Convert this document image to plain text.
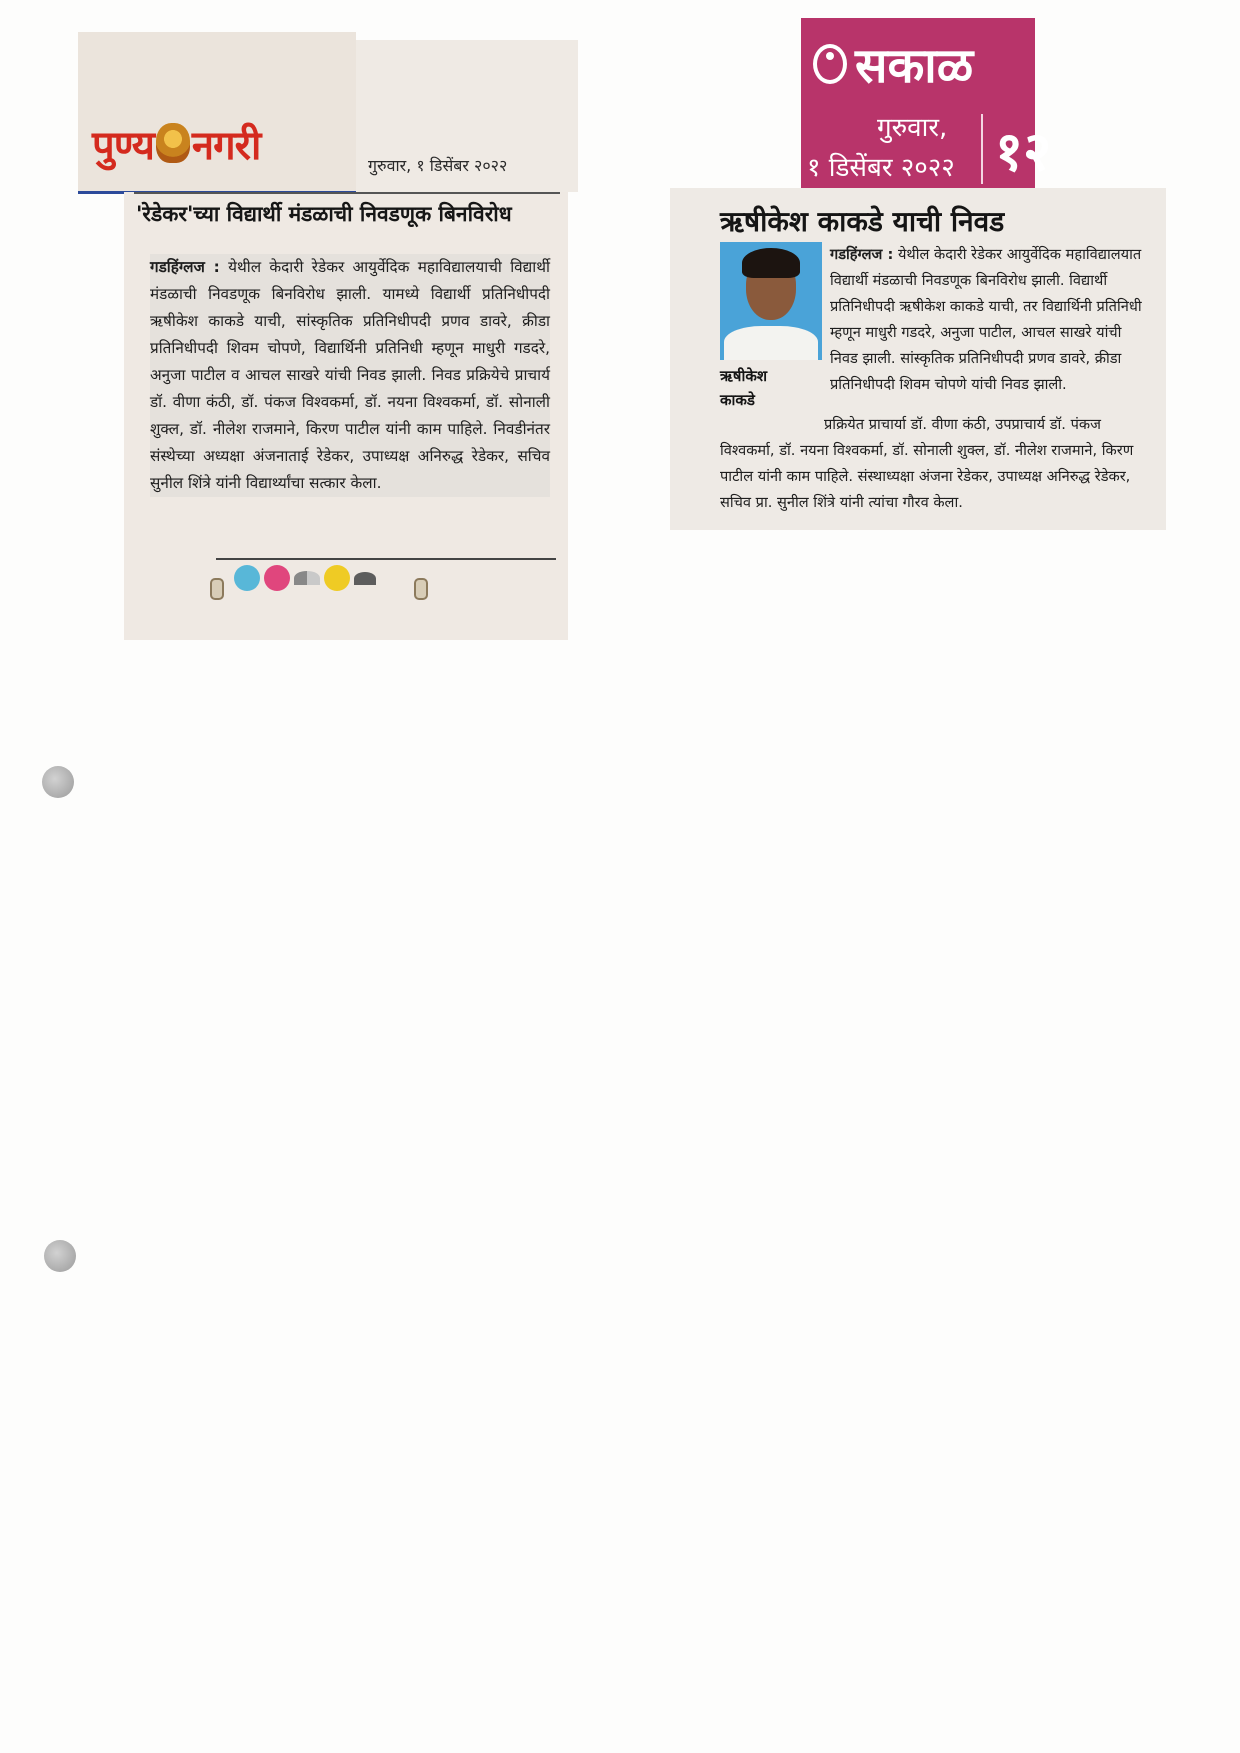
पुण्य नगरी	गुरुवार, १ डिसेंबर २०२२
'रेडेकर'च्या विद्यार्थी मंडळाची निवडणूक बिनविरोध
गडहिंग्लज : येथील केदारी रेडेकर आयुर्वेदिक महाविद्यालयाची विद्यार्थी मंडळाची निवडणूक बिनविरोध झाली. यामध्ये विद्यार्थी प्रतिनिधीपदी ऋषीकेश काकडे याची, सांस्कृतिक प्रतिनिधीपदी प्रणव डावरे, क्रीडा प्रतिनिधीपदी शिवम चोपणे, विद्यार्थिनी प्रतिनिधी म्हणून माधुरी गडदरे, अनुजा पाटील व आचल साखरे यांची निवड झाली. निवड प्रक्रियेचे प्राचार्य डॉ. वीणा कंठी, डॉ. पंकज विश्वकर्मा, डॉ. नयना विश्वकर्मा, डॉ. सोनाली शुक्ल, डॉ. नीलेश राजमाने, किरण पाटील यांनी काम पाहिले. निवडीनंतर संस्थेच्या अध्यक्षा अंजनाताई रेडेकर, उपाध्यक्ष अनिरुद्ध रेडेकर, सचिव सुनील शिंत्रे यांनी विद्यार्थ्यांचा सत्कार केला.
सकाळ
गुरुवार,
१ डिसेंबर २०२२ १२
ऋषीकेश काकडे याची निवड
ऋषीकेश
काकडे
गडहिंग्लज : येथील केदारी रेडेकर आयुर्वेदिक महाविद्यालयात विद्यार्थी मंडळाची निवडणूक बिनविरोध झाली. विद्यार्थी प्रतिनिधीपदी ऋषीकेश काकडे याची, तर विद्यार्थिनी प्रतिनिधी म्हणून माधुरी गडदरे, अनुजा पाटील, आचल साखरे यांची निवड झाली. सांस्कृतिक प्रतिनिधीपदी प्रणव डावरे, क्रीडा प्रतिनिधीपदी शिवम चोपणे यांची निवड झाली.
प्रक्रियेत प्राचार्या डॉ. वीणा कंठी, उपप्राचार्य डॉ. पंकज विश्वकर्मा, डॉ. नयना विश्वकर्मा, डॉ. सोनाली शुक्ल, डॉ. नीलेश राजमाने, किरण पाटील यांनी काम पाहिले. संस्थाध्यक्षा अंजना रेडेकर, उपाध्यक्ष अनिरुद्ध रेडेकर, सचिव प्रा. सुनील शिंत्रे यांनी त्यांचा गौरव केला.
